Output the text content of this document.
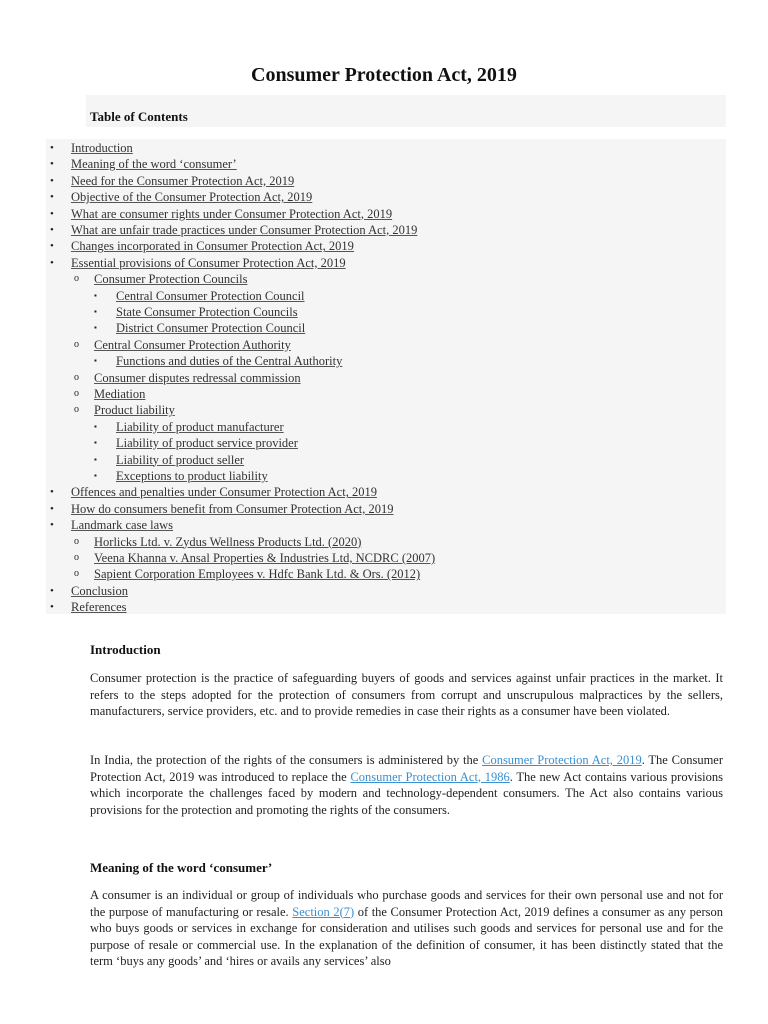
Consumer Protection Act, 2019
Table of Contents
• Introduction
• Meaning of the word ‘consumer’
• Need for the Consumer Protection Act, 2019
• Objective of the Consumer Protection Act, 2019
• What are consumer rights under Consumer Protection Act, 2019
• What are unfair trade practices under Consumer Protection Act, 2019
• Changes incorporated in Consumer Protection Act, 2019
• Essential provisions of Consumer Protection Act, 2019
o Consumer Protection Councils
▪ Central Consumer Protection Council
▪ State Consumer Protection Councils
▪ District Consumer Protection Council
o Central Consumer Protection Authority
▪ Functions and duties of the Central Authority
o Consumer disputes redressal commission
o Mediation
o Product liability
▪ Liability of product manufacturer
▪ Liability of product service provider
▪ Liability of product seller
▪ Exceptions to product liability
• Offences and penalties under Consumer Protection Act, 2019
• How do consumers benefit from Consumer Protection Act, 2019
• Landmark case laws
o Horlicks Ltd. v. Zydus Wellness Products Ltd. (2020)
o Veena Khanna v. Ansal Properties & Industries Ltd, NCDRC (2007)
o Sapient Corporation Employees v. Hdfc Bank Ltd. & Ors. (2012)
• Conclusion
• References
Introduction

Consumer protection is the practice of safeguarding buyers of goods and services against unfair practices in the market. It refers to the steps adopted for the protection of consumers from corrupt and unscrupulous malpractices by the sellers, manufacturers, service providers, etc. and to provide remedies in case their rights as a consumer have been violated.

In India, the protection of the rights of the consumers is administered by the Consumer Protection Act, 2019. The Consumer Protection Act, 2019 was introduced to replace the Consumer Protection Act, 1986. The new Act contains various provisions which incorporate the challenges faced by modern and technology-dependent consumers. The Act also contains various provisions for the protection and promoting the rights of the consumers.

Meaning of the word ‘consumer’

A consumer is an individual or group of individuals who purchase goods and services for their own personal use and not for the purpose of manufacturing or resale. Section 2(7) of the Consumer Protection Act, 2019 defines a consumer as any person who buys goods or services in exchange for consideration and utilises such goods and services for personal use and for the purpose of resale or commercial use. In the explanation of the definition of consumer, it has been distinctly stated that the term ‘buys any goods’ and ‘hires or avails any services’ also
